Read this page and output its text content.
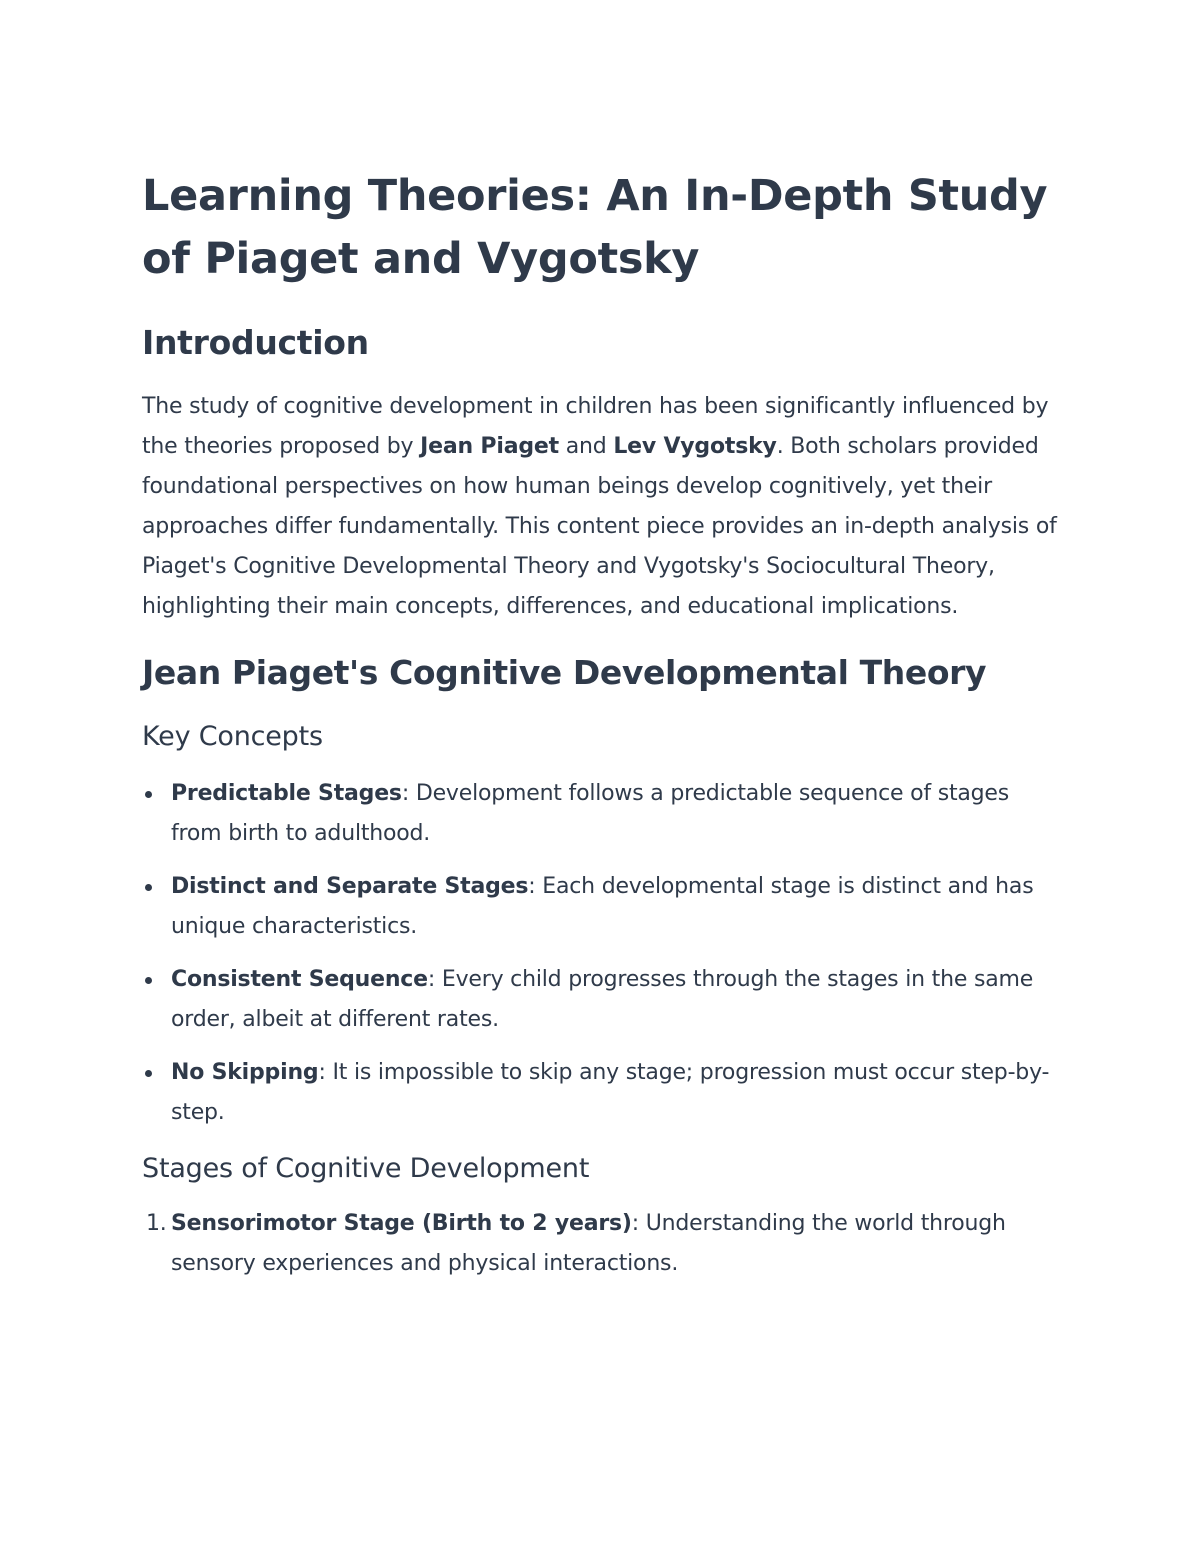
Learning Theories: An In-Depth Study of Piaget and Vygotsky
Introduction

The study of cognitive development in children has been significantly influenced by the theories proposed by Jean Piaget and Lev Vygotsky. Both scholars provided foundational perspectives on how human beings develop cognitively, yet their approaches differ fundamentally. This content piece provides an in-depth analysis of Piaget's Cognitive Developmental Theory and Vygotsky's Sociocultural Theory, highlighting their main concepts, differences, and educational implications.

Jean Piaget's Cognitive Developmental Theory
Key Concepts
Predictable Stages: Development follows a predictable sequence of stages from birth to adulthood.
Distinct and Separate Stages: Each developmental stage is distinct and has unique characteristics.
Consistent Sequence: Every child progresses through the stages in the same order, albeit at different rates.
No Skipping: It is impossible to skip any stage; progression must occur step-by-step.
Stages of Cognitive Development
1. Sensorimotor Stage (Birth to 2 years): Understanding the world through sensory experiences and physical interactions.
